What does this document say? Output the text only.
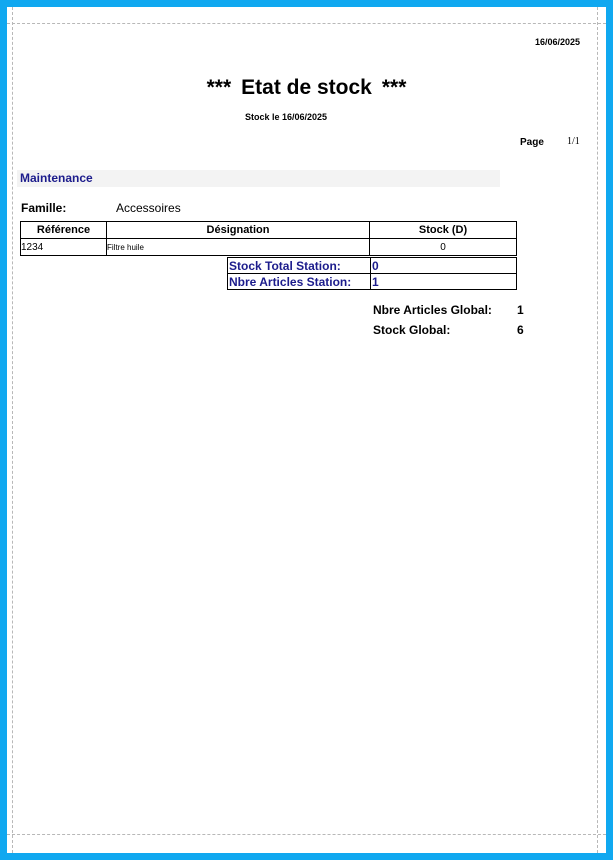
16/06/2025
*** Etat de stock ***
Stock le 16/06/2025
Page 1/1
Maintenance
Famille:	Accessoires
Référence	Désignation	Stock (D)
1234	Filtre huile	0
Stock Total Station:	0
Nbre Articles Station:	1
Nbre Articles Global: 1
Stock Global:	6
